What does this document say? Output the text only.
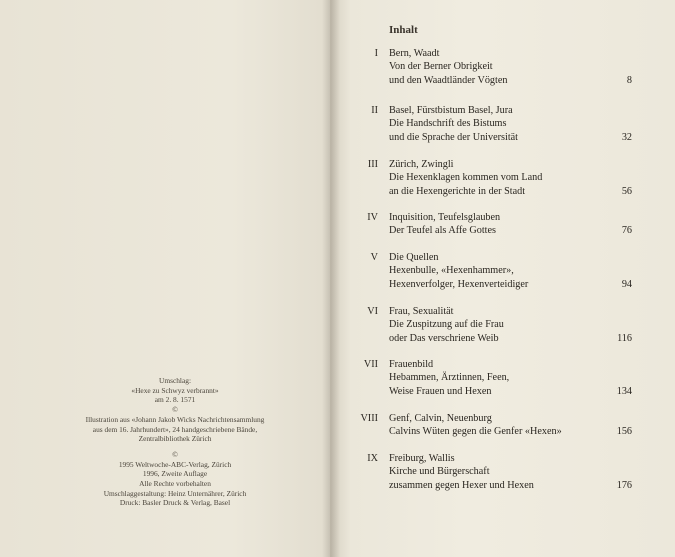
Umschlag:
«Hexe zu Schwyz verbrannt»
am 2. 8. 1571
©
Illustration aus «Johann Jakob Wicks Nachrichtensammlung
aus dem 16. Jahrhundert», 24 handgeschriebene Bände,
Zentralbibliothek Zürich
©
1995 Weltwoche-ABC-Verlag, Zürich
1996, Zweite Auflage
Alle Rechte vorbehalten
Umschlaggestaltung: Heinz Unternährer, Zürich
Druck: Basler Druck & Verlag, Basel
Inhalt
I Bern, Waadt
Von der Berner Obrigkeit
und den Waadtländer Vögten	8
II Basel, Fürstbistum Basel, Jura
Die Handschrift des Bistums
und die Sprache der Universität	32
III Zürich, Zwingli
Die Hexenklagen kommen vom Land
an die Hexengerichte in der Stadt	56
IV Inquisition, Teufelsglauben
Der Teufel als Affe Gottes	76
V Die Quellen
Hexenbulle, «Hexenhammer»,
Hexenverfolger, Hexenverteidiger	94
VI Frau, Sexualität
Die Zuspitzung auf die Frau
oder Das verschriene Weib	116
VII Frauenbild
Hebammen, Ärztinnen, Feen,
Weise Frauen und Hexen	134
VIII Genf, Calvin, Neuenburg
Calvins Wüten gegen die Genfer «Hexen»	156
IX Freiburg, Wallis
Kirche und Bürgerschaft
zusammen gegen Hexer und Hexen	176
